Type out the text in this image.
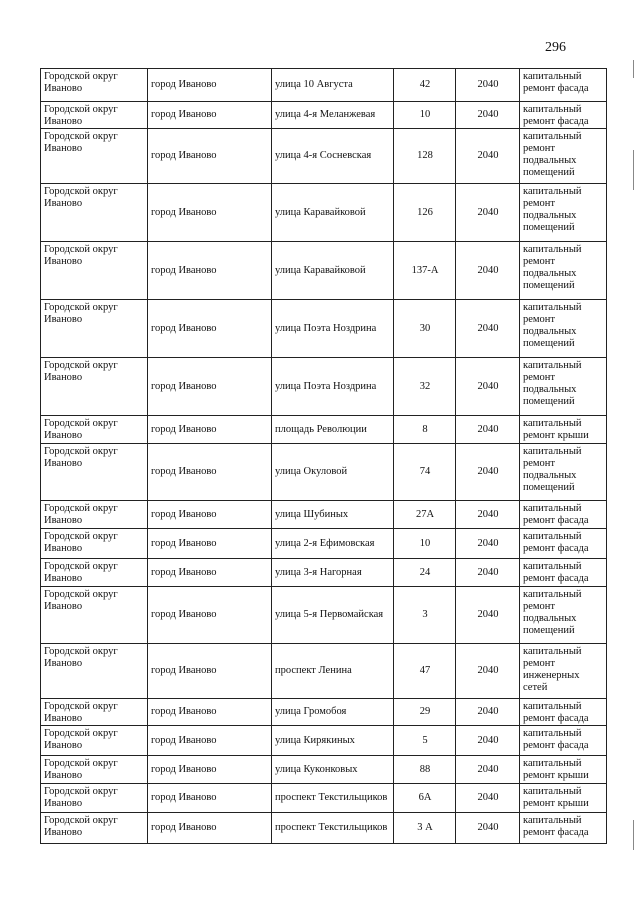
296
Городской округ Иваново	город Иваново	улица 10 Августа	42	2040	капитальный ремонт фасада
Городской округ Иваново	город Иваново	улица 4-я Меланжевая	10	2040	капитальный ремонт фасада
Городской округ Иваново	город Иваново	улица 4-я Сосневская	128	2040	капитальный ремонт подвальных помещений
Городской округ Иваново	город Иваново	улица Каравайковой	126	2040	капитальный ремонт подвальных помещений
Городской округ Иваново	город Иваново	улица Каравайковой	137-А	2040	капитальный ремонт подвальных помещений
Городской округ Иваново	город Иваново	улица Поэта Ноздрина	30	2040	капитальный ремонт подвальных помещений
Городской округ Иваново	город Иваново	улица Поэта Ноздрина	32	2040	капитальный ремонт подвальных помещений
Городской округ Иваново	город Иваново	площадь Революции	8	2040	капитальный ремонт крыши
Городской округ Иваново	город Иваново	улица Окуловой	74	2040	капитальный ремонт подвальных помещений
Городской округ Иваново	город Иваново	улица Шубиных	27А	2040	капитальный ремонт фасада
Городской округ Иваново	город Иваново	улица 2-я Ефимовская	10	2040	капитальный ремонт фасада
Городской округ Иваново	город Иваново	улица 3-я Нагорная	24	2040	капитальный ремонт фасада
Городской округ Иваново	город Иваново	улица 5-я Первомайская	3	2040	капитальный ремонт подвальных помещений
Городской округ Иваново	город Иваново	проспект Ленина	47	2040	капитальный ремонт инженерных сетей
Городской округ Иваново	город Иваново	улица Громобоя	29	2040	капитальный ремонт фасада
Городской округ Иваново	город Иваново	улица Кирякиных	5	2040	капитальный ремонт фасада
Городской округ Иваново	город Иваново	улица Куконковых	88	2040	капитальный ремонт крыши
Городской округ Иваново	город Иваново	проспект Текстильщиков	6А	2040	капитальный ремонт крыши
Городской округ Иваново	город Иваново	проспект Текстильщиков	3 А	2040	капитальный ремонт фасада
